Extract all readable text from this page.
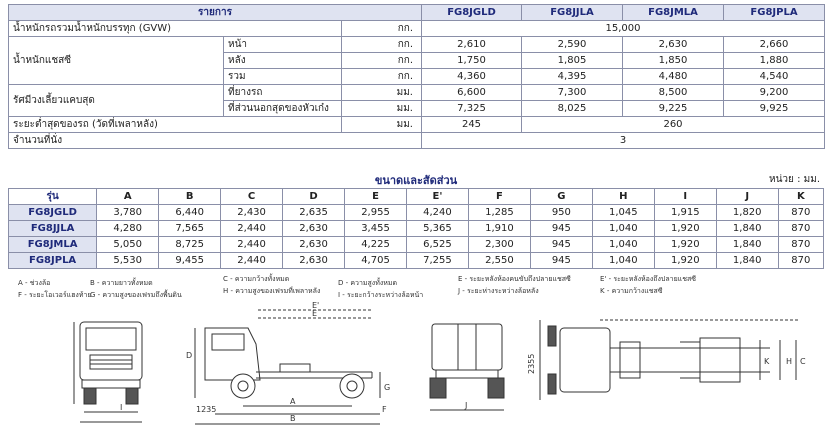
รายการ			FG8JGLD	FG8JJLA	FG8JMLA	FG8JPLA
น้ำหนักรถรวมน้ำหนักบรรทุก (GVW)		กก.	15,000			
น้ำหนักแชสซี	หน้า	กก.	2,610	2,590	2,630	2,660
	หลัง	กก.	1,750	1,805	1,850	1,880
	รวม	กก.	4,360	4,395	4,480	4,540
รัศมีวงเลี้ยวแคบสุด	ที่ยางรถ	มม.	6,600	7,300	8,500	9,200
	ที่ส่วนนอกสุดของหัวเก๋ง	มม.	7,325	8,025	9,225	9,925
ระยะต่ำสุดของรถ (วัดที่เพลาหลัง)		มม.	245	260		
จำนวนที่นั่ง			3			
ขนาดและสัดส่วน	หน่วย : มม.
รุ่น	A	B	C	D	E	E'	F	G	H	I	J	K
FG8JGLD	3,780	6,440	2,430	2,635	2,955	4,240	1,285	950	1,045	1,915	1,820	870
FG8JJLA	4,280	7,565	2,440	2,630	3,455	5,365	1,910	945	1,040	1,920	1,840	870
FG8JMLA	5,050	8,725	2,440	2,630	4,225	6,525	2,300	945	1,040	1,920	1,840	870
FG8JPLA	5,530	9,455	2,440	2,630	4,705	7,255	2,550	945	1,040	1,920	1,840	870
A - ช่วงล้อ
F - ระยะโอเวอร์แฮงท้าย
B - ความยาวทั้งหมด
G - ความสูงของเฟรมถึงพื้นดิน
C - ความกว้างทั้งหมด
H - ความสูงของเฟรมที่เพลาหลัง
D - ความสูงทั้งหมด
I - ระยะกว้างระหว่างล้อหน้า
E - ระยะหลังห้องคนขับถึงปลายแชสซี
J - ระยะห่างระหว่างล้อหลัง
E' - ระยะหลังห้องถึงปลายแชสซี
K - ความกว้างแชสซี
1235
2355
E'
E
D
G
A
B
F
I	J
K H C
